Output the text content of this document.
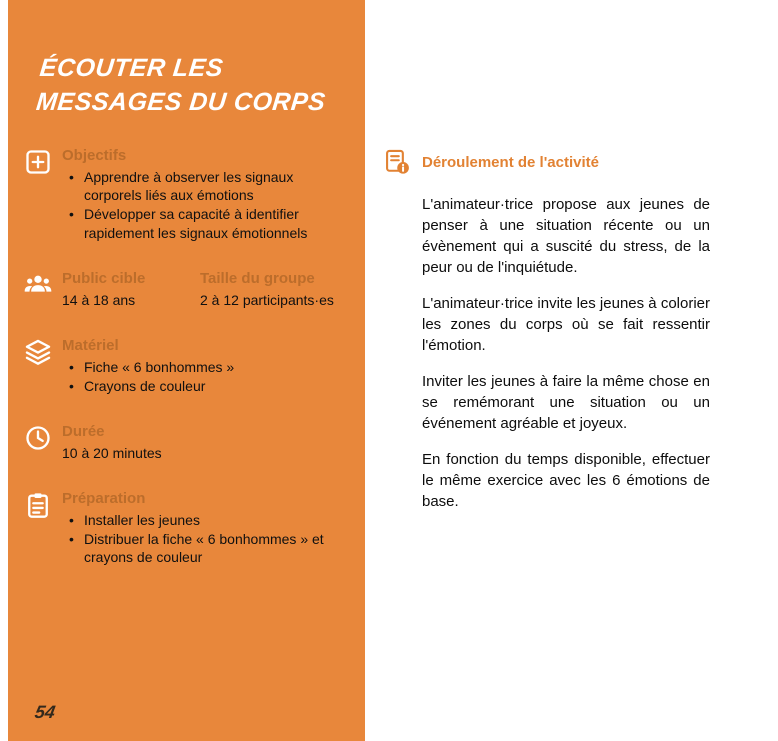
ÉCOUTER LES
MESSAGES DU CORPS
Objectifs
• Apprendre à observer les signaux corporels liés aux émotions
• Développer sa capacité à identifier rapidement les signaux émotionnels
Public cible
14 à 18 ans
Taille du groupe
2 à 12 participants·es
Matériel
• Fiche « 6 bonhommes »
• Crayons de couleur
Durée
10 à 20 minutes
Préparation
• Installer les jeunes
• Distribuer la fiche « 6 bonhommes » et crayons de couleur
54
Déroulement de l'activité

L'animateur·trice propose aux jeunes de penser à une situation récente ou un évènement qui a suscité du stress, de la peur ou de l'inquiétude.

L'animateur·trice invite les jeunes à colorier les zones du corps où se fait ressentir l'émotion.

Inviter les jeunes à faire la même chose en se remémorant une situation ou un événement agréable et joyeux.

En fonction du temps disponible, effectuer le même exercice avec les 6 émotions de base.
